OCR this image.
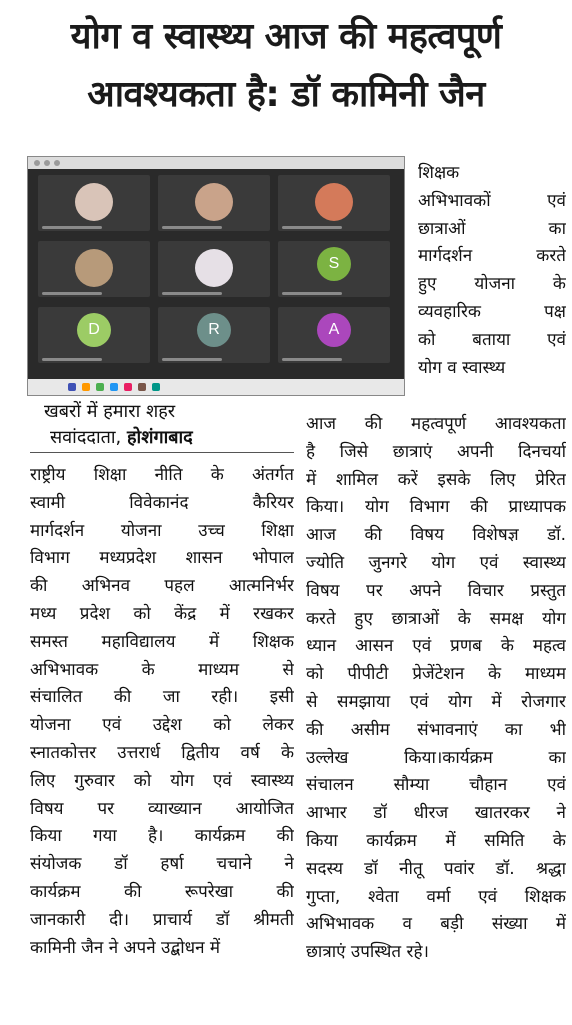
योग व स्वास्थ्य आज की महत्वपूर्ण
आवश्यकता है: डॉ कामिनी जैन
S
D	R	A
खबरों में हमारा शहर
सवांददाता, होशंगाबाद
शिक्षक
अभिभावकों एवं
छात्राओं का
मार्गदर्शन करते
हुए योजना के
व्यवहारिक पक्ष
को बताया एवं
योग व स्वास्थ्य
राष्ट्रीय शिक्षा नीति के अंतर्गत
स्वामी विवेकानंद कैरियर
मार्गदर्शन योजना उच्च शिक्षा
विभाग मध्यप्रदेश शासन भोपाल
की अभिनव पहल आत्मनिर्भर
मध्य प्रदेश को केंद्र में रखकर
समस्त महाविद्यालय में शिक्षक
अभिभावक के माध्यम से
संचालित की जा रही। इसी
योजना एवं उद्देश को लेकर
स्नातकोत्तर उत्तरार्ध द्वितीय वर्ष के
लिए गुरुवार को योग एवं स्वास्थ्य
विषय पर व्याख्यान आयोजित
किया गया है। कार्यक्रम की
संयोजक डॉ हर्षा चचाने ने
कार्यक्रम की रूपरेखा की
जानकारी दी। प्राचार्य डॉ श्रीमती
कामिनी जैन ने अपने उद्बोधन में
आज की महत्वपूर्ण आवश्यकता
है जिसे छात्राएं अपनी दिनचर्या
में शामिल करें इसके लिए प्रेरित
किया। योग विभाग की प्राध्यापक
आज की विषय विशेषज्ञ डॉ.
ज्योति जुनगरे योग एवं स्वास्थ्य
विषय पर अपने विचार प्रस्तुत
करते हुए छात्राओं के समक्ष योग
ध्यान आसन एवं प्रणब के महत्व
को पीपीटी प्रेजेंटेशन के माध्यम
से समझाया एवं योग में रोजगार
की असीम संभावनाएं का भी
उल्लेख किया।कार्यक्रम का
संचालन सौम्या चौहान एवं
आभार डॉ धीरज खातरकर ने
किया कार्यक्रम में समिति के
सदस्य डॉ नीतू पवांर डॉ. श्रद्धा
गुप्ता, श्वेता वर्मा एवं शिक्षक
अभिभावक व बड़ी संख्या में
छात्राएं उपस्थित रहे।
